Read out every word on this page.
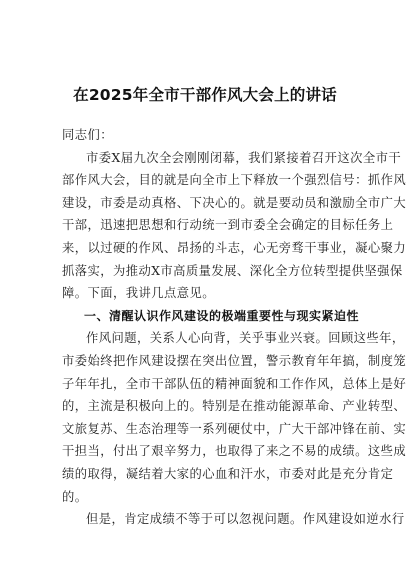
在2025年全市干部作风大会上的讲话
同志们：
市委X届九次全会刚刚闭幕，我们紧接着召开这次全市干
部作风大会，目的就是向全市上下释放一个强烈信号：抓作风
建设，市委是动真格、下决心的。就是要动员和激励全市广大
干部，迅速把思想和行动统一到市委全会确定的目标任务上
来，以过硬的作风、昂扬的斗志，心无旁骛干事业，凝心聚力
抓落实，为推动X市高质量发展、深化全方位转型提供坚强保
障。下面，我讲几点意见。
一、清醒认识作风建设的极端重要性与现实紧迫性
作风问题，关系人心向背，关乎事业兴衰。回顾这些年，
市委始终把作风建设摆在突出位置，警示教育年年搞，制度笼
子年年扎，全市干部队伍的精神面貌和工作作风，总体上是好
的，主流是积极向上的。特别是在推动能源革命、产业转型、
文旅复苏、生态治理等一系列硬仗中，广大干部冲锋在前、实
干担当，付出了艰辛努力，也取得了来之不易的成绩。这些成
绩的取得，凝结着大家的心血和汗水，市委对此是充分肯定
的。
但是，肯定成绩不等于可以忽视问题。作风建设如逆水行
